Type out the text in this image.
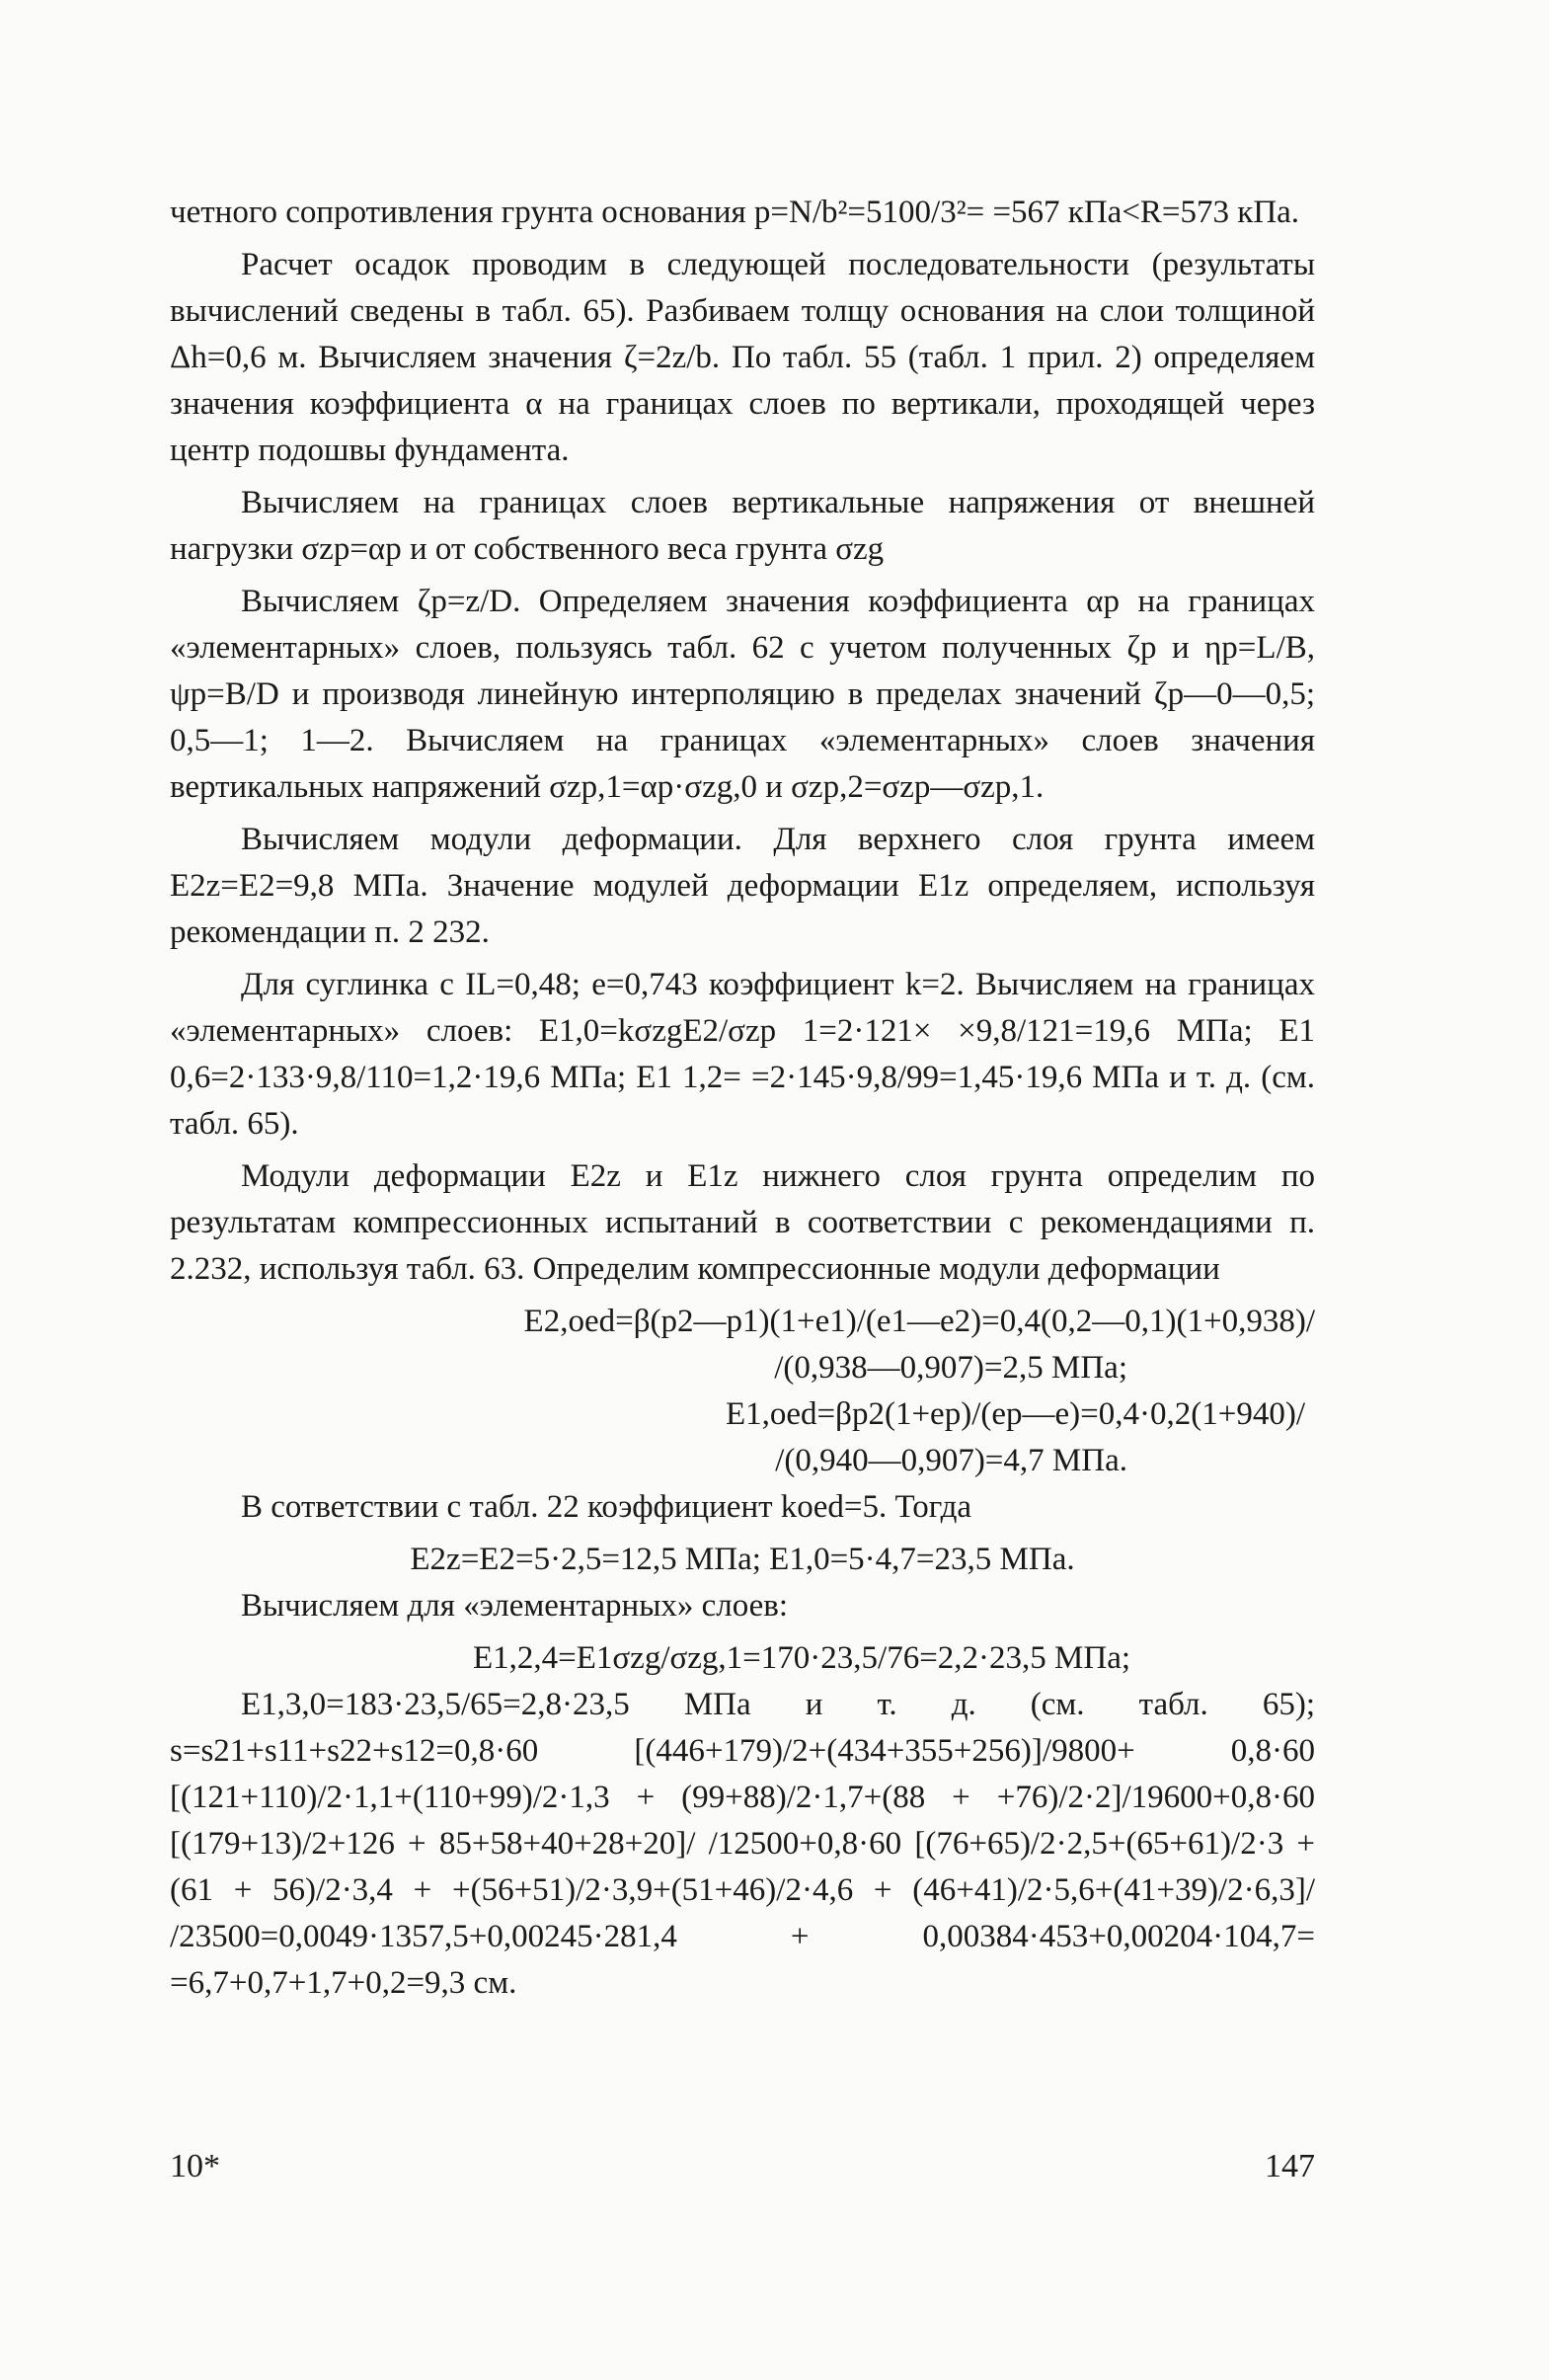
четного сопротивления грунта основания p=N/b²=5100/3²= =567 кПа<R=573 кПа.

Расчет осадок проводим в следующей последовательности (результаты вычислений сведены в табл. 65). Разбиваем толщу основания на слои толщиной Δh=0,6 м. Вычисляем значения ζ=2z/b. По табл. 55 (табл. 1 прил. 2) определяем значения коэффициента α на границах слоев по вертикали, проходящей через центр подошвы фундамента.

Вычисляем на границах слоев вертикальные напряжения от внешней нагрузки σzp=αp и от собственного веса грунта σzg

Вычисляем ζp=z/D. Определяем значения коэффициента αp на границах «элементарных» слоев, пользуясь табл. 62 с учетом полученных ζp и ηp=L/B, ψp=B/D и производя линейную интерполяцию в пределах значений ζp—0—0,5; 0,5—1; 1—2. Вычисляем на границах «элементарных» слоев значения вертикальных напряжений σzp,1=αp·σzg,0 и σzp,2=σzp—σzp,1.

Вычисляем модули деформации. Для верхнего слоя грунта имеем E2z=E2=9,8 МПа. Значение модулей деформации E1z определяем, используя рекомендации п. 2 232.

Для суглинка с IL=0,48; e=0,743 коэффициент k=2. Вычисляем на границах «элементарных» слоев: E1,0=kσzgE2/σzp 1=2·121× ×9,8/121=19,6 МПа; E1 0,6=2·133·9,8/110=1,2·19,6 МПа; E1 1,2= =2·145·9,8/99=1,45·19,6 МПа и т. д. (см. табл. 65).

Модули деформации E2z и E1z нижнего слоя грунта определим по результатам компрессионных испытаний в соответствии с рекомендациями п. 2.232, используя табл. 63. Определим компрессионные модули деформации

E2,oed=β(p2—p1)(1+e1)/(e1—e2)=0,4(0,2—0,1)(1+0,938)/

/(0,938—0,907)=2,5 МПа;

E1,oed=βp2(1+ep)/(ep—e)=0,4·0,2(1+940)/

/(0,940—0,907)=4,7 МПа.

В сответствии с табл. 22 коэффициент koed=5. Тогда

E2z=E2=5·2,5=12,5 МПа; E1,0=5·4,7=23,5 МПа.

Вычисляем для «элементарных» слоев:

E1,2,4=E1σzg/σzg,1=170·23,5/76=2,2·23,5 МПа;

E1,3,0=183·23,5/65=2,8·23,5 МПа и т. д. (см. табл. 65); s=s21+s11+s22+s12=0,8·60 [(446+179)/2+(434+355+256)]/9800+ 0,8·60 [(121+110)/2·1,1+(110+99)/2·1,3 + (99+88)/2·1,7+(88 + +76)/2·2]/19600+0,8·60 [(179+13)/2+126 + 85+58+40+28+20]/ /12500+0,8·60 [(76+65)/2·2,5+(65+61)/2·3 + (61 + 56)/2·3,4 + +(56+51)/2·3,9+(51+46)/2·4,6 + (46+41)/2·5,6+(41+39)/2·6,3]/ /23500=0,0049·1357,5+0,00245·281,4 + 0,00384·453+0,00204·104,7= =6,7+0,7+1,7+0,2=9,3 см.

10*	147
